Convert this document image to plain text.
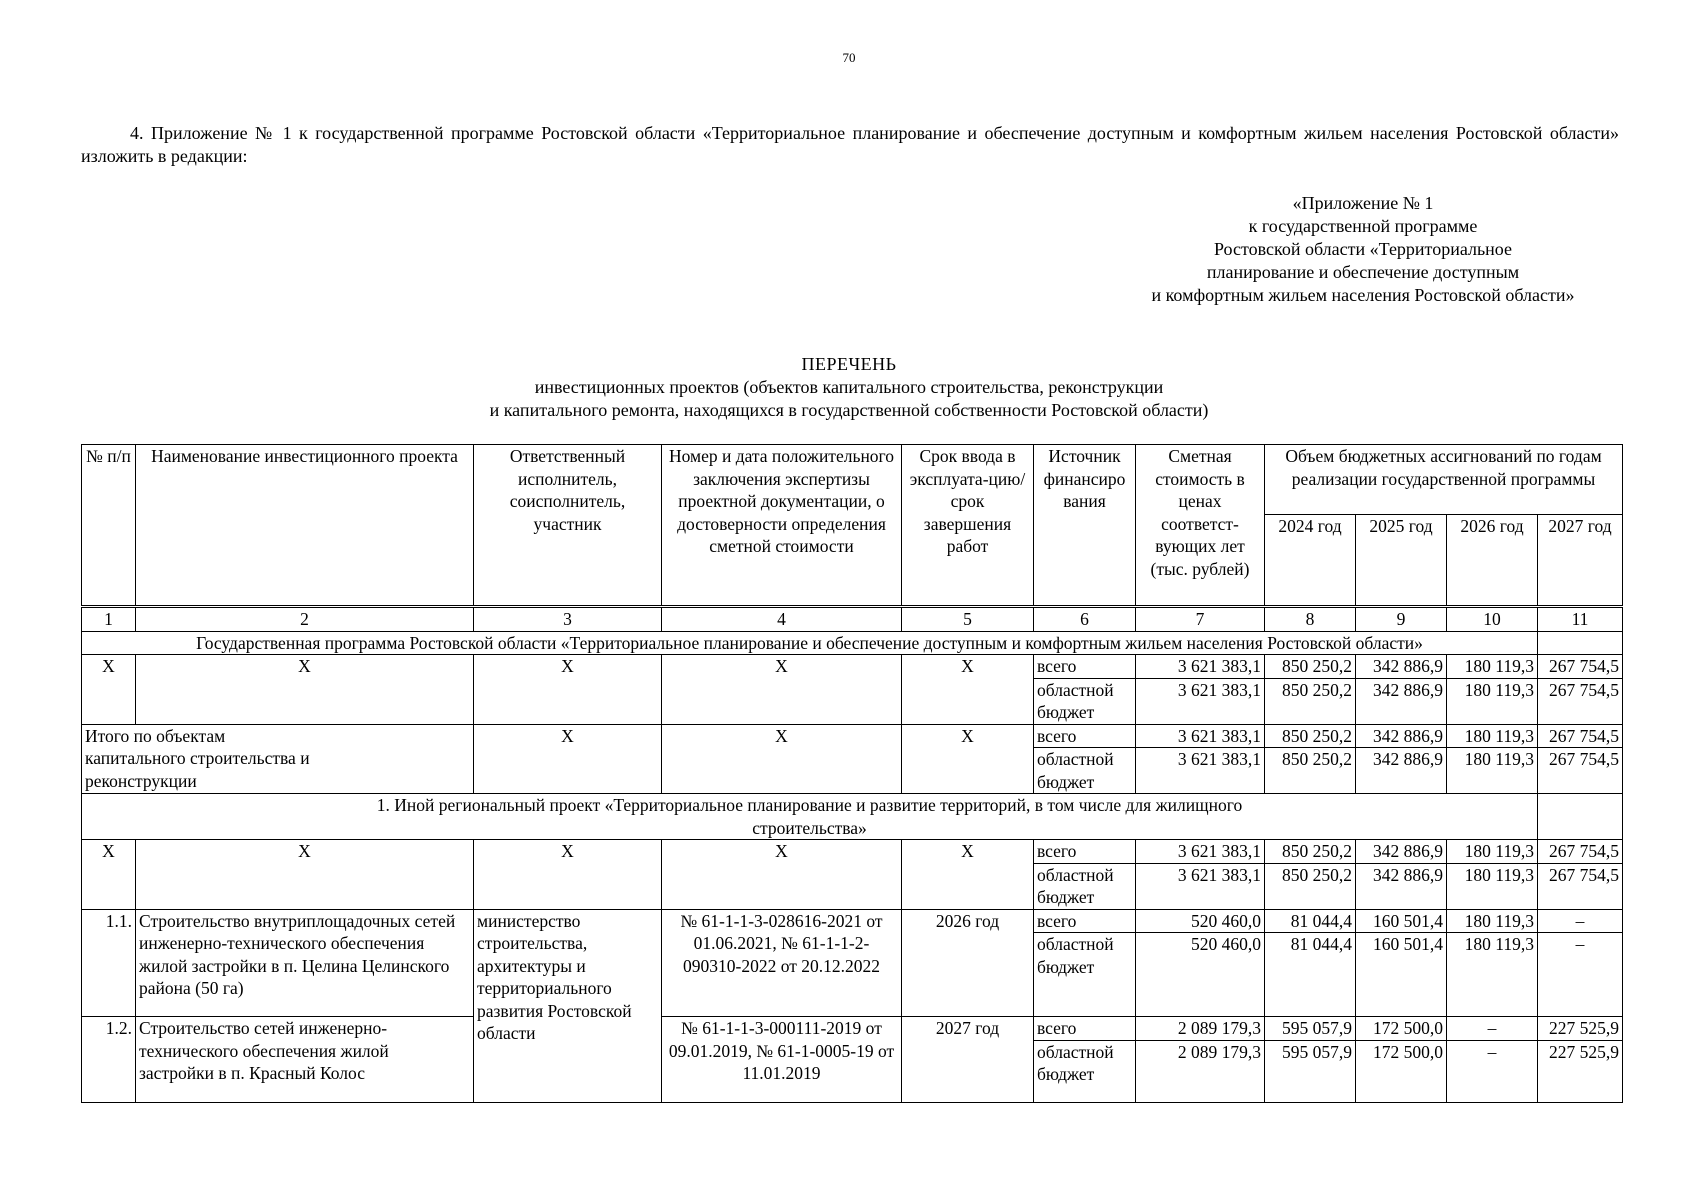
70
4. Приложение № 1 к государственной программе Ростовской области «Территориальное планирование и обеспечение доступным и комфортным жильем населения Ростовской области» изложить в редакции:
«Приложение № 1
к государственной программе
Ростовской области «Территориальное
планирование и обеспечение доступным
и комфортным жильем населения Ростовской области»
ПЕРЕЧЕНЬ
инвестиционных проектов (объектов капитального строительства, реконструкции
и капитального ремонта, находящихся в государственной собственности Ростовской области)
№ п/п	Наименование инвестиционного проекта	Ответственный исполнитель, соисполнитель, участник	Номер и дата положительного заключения экспертизы проектной документации, о достоверности определения сметной стоимости	Срок ввода в эксплуата-цию/ срок завершения работ	Источник финансиро вания	Сметная стоимость в ценах соответст-вующих лет (тыс. рублей)	Объем бюджетных ассигнований по годам реализации государственной программы			
							2024 год	2025 год	2026 год	2027 год
1	2	3	4	5	6	7	8	9	10	11
Государственная программа Ростовской области «Территориальное планирование и обеспечение доступным и комфортным жильем населения Ростовской области»										
Х	Х	Х	Х	Х	всего	3 621 383,1	850 250,2	342 886,9	180 119,3	267 754,5
					областной бюджет	3 621 383,1	850 250,2	342 886,9	180 119,3	267 754,5
Итого по объектам капитального строительства и реконструкции		Х	Х	Х	всего	3 621 383,1	850 250,2	342 886,9	180 119,3	267 754,5
					областной бюджет	3 621 383,1	850 250,2	342 886,9	180 119,3	267 754,5
1. Иной региональный проект «Территориальное планирование и развитие территорий, в том числе для жилищного строительства»										
Х	Х	Х	Х	Х	всего	3 621 383,1	850 250,2	342 886,9	180 119,3	267 754,5
					областной бюджет	3 621 383,1	850 250,2	342 886,9	180 119,3	267 754,5
1.1.	Строительство внутриплощадочных сетей инженерно-технического обеспечения жилой застройки в п. Целина Целинского района (50 га)	министерство строительства, архитектуры и территориального развития Ростовской области	№ 61-1-1-3-028616-2021 от 01.06.2021, № 61-1-1-2-090310-2022 от 20.12.2022	2026 год	всего	520 460,0	81 044,4	160 501,4	180 119,3	–
					областной бюджет	520 460,0	81 044,4	160 501,4	180 119,3	–
1.2.	Строительство сетей инженерно-технического обеспечения жилой застройки в п. Красный Колос		№ 61-1-1-3-000111-2019 от 09.01.2019, № 61-1-0005-19 от 11.01.2019	2027 год	всего	2 089 179,3	595 057,9	172 500,0	–	227 525,9
					областной бюджет	2 089 179,3	595 057,9	172 500,0	–	227 525,9
